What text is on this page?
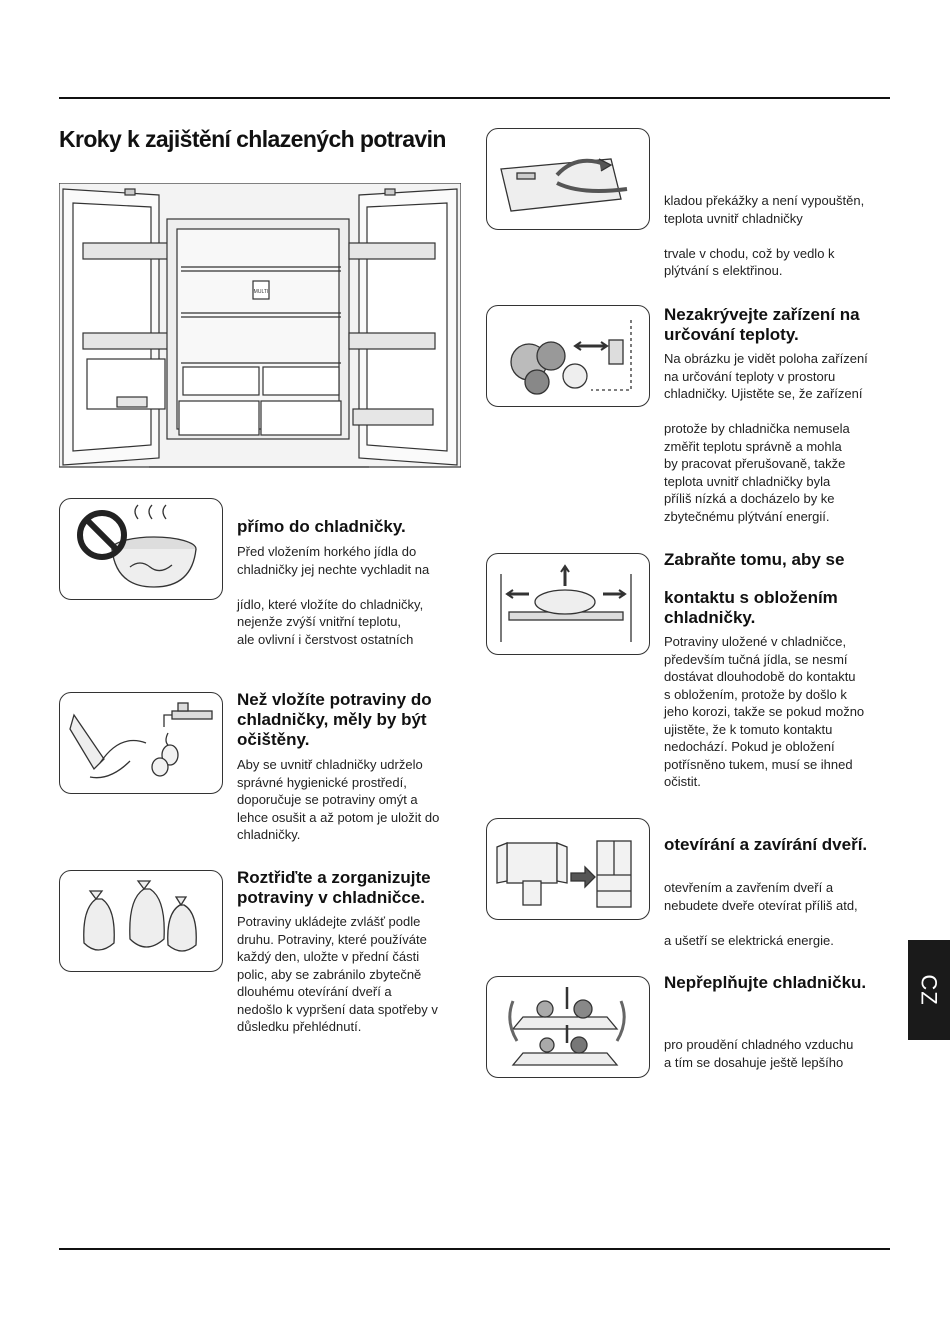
Kroky k zajištění chlazených potravin
MULTI
přímo do chladničky.
Před vložením horkého jídla do
chladničky jej nechte vychladit na
jídlo, které vložíte do chladničky,
nejenže zvýší vnitřní teplotu,
ale ovlivní i čerstvost ostatních
Než vložíte potraviny do
chladničky, měly by být
očištěny.
Aby se uvnitř chladničky udrželo
správné hygienické prostředí,
doporučuje se potraviny omýt a
lehce osušit a až potom je uložit do
chladničky.
Roztřiďte a zorganizujte
potraviny v chladničce.
Potraviny ukládejte zvlášť podle
druhu. Potraviny, které používáte
každý den, uložte v přední části
polic, aby se zabránilo zbytečně
dlouhému otevírání dveří a
nedošlo k vypršení data spotřeby v
důsledku přehlédnutí.
kladou překážky a není vypouštěn,
teplota uvnitř chladničky
trvale v chodu, což by vedlo k
plýtvání s elektřinou.
Nezakrývejte zařízení na
určování teploty.
Na obrázku je vidět poloha zařízení
na určování teploty v prostoru
chladničky. Ujistěte se, že zařízení
protože by chladnička nemusela
změřit teplotu správně a mohla
by pracovat přerušovaně, takže
teplota uvnitř chladničky byla
příliš nízká a docházelo by ke
zbytečnému plýtvání energií.
Zabraňte tomu, aby se
kontaktu s obložením
chladničky.
Potraviny uložené v chladničce,
především tučná jídla, se nesmí
dostávat dlouhodobě do kontaktu
s obložením, protože by došlo k
jeho korozi, takže se pokud možno
ujistěte, že k tomuto kontaktu
nedochází. Pokud je obložení
potřísněno tukem, musí se ihned
očistit.
otevírání a zavírání dveří.
otevřením a zavřením dveří a
nebudete dveře otevírat příliš atd,
a ušetří se elektrická energie.
Nepřeplňujte chladničku.
pro proudění chladného vzduchu
a tím se dosahuje ještě lepšího
CZ
